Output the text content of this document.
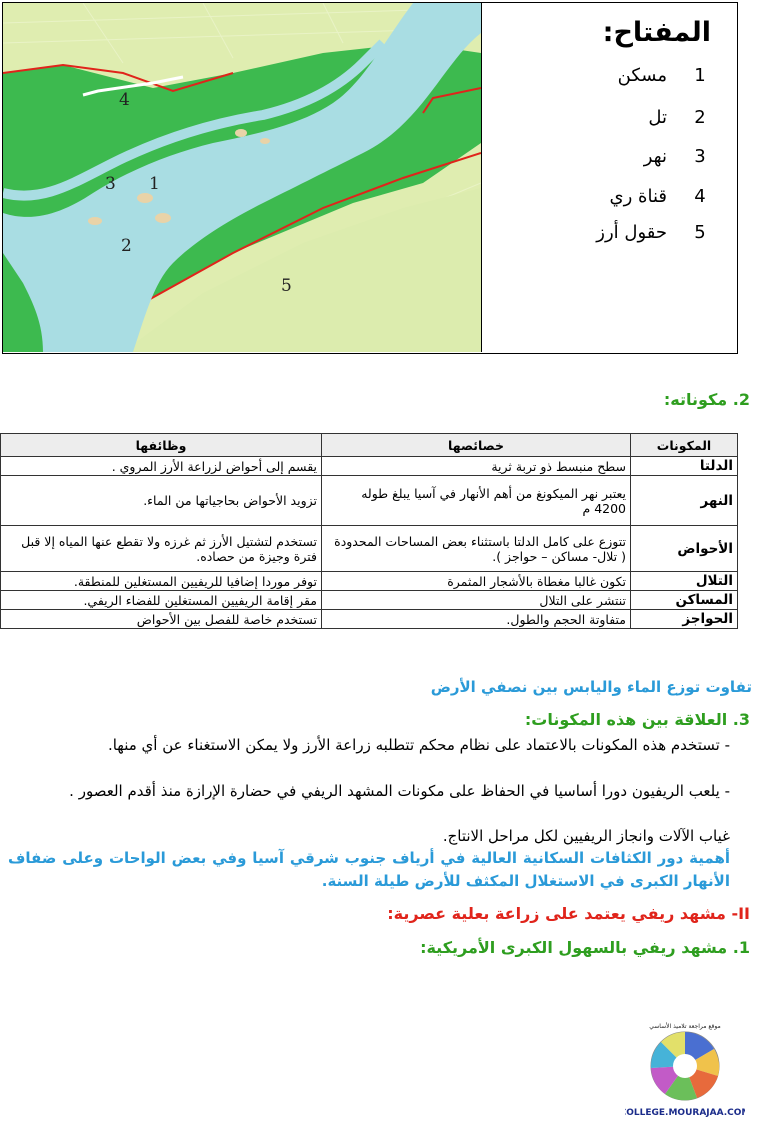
1
2
3
4
5
المفتاح:
1
مسكن
2
تل
3
نهر
4
قناة ري
5
حقول أرز
2. مكوناته:
المكونات	خصائصها	وظائفها
الدلتا	سطح منبسط ذو تربة ثرية	يقسم إلى أحواض لزراعة الأرز المروي .
النهر	يعتبر نهر الميكونغ من أهم الأنهار في آسيا يبلغ طوله 4200 م	تزويد الأحواض بحاجياتها من الماء.
الأحواض	تتوزع على كامل الدلتا باستثناء بعض المساحات المحدودة ( تلال- مساكن – حواجز ).	تستخدم لتشتيل الأرز ثم غرزه ولا تقطع عنها المياه إلا قبل فترة وجيزة من حصاده.
التلال	تكون غالبا مغطاة بالأشجار المثمرة	توفر موردا إضافيا للريفيين المستغلين للمنطقة.
المساكن	تنتشر على التلال	مقر إقامة الريفيين المستغلين للفضاء الريفي.
الحواجز	متفاوتة الحجم والطول.	تستخدم خاصة للفصل بين الأحواض
تفاوت توزع الماء واليابس بين نصفي الأرض
3. العلاقة بين هذه المكونات:
- تستخدم هذه المكونات بالاعتماد على نظام محكم تتطلبه زراعة الأرز ولا يمكن الاستغناء عن أي منها.
- يلعب الريفيون دورا أساسيا في الحفاظ على مكونات المشهد الريفي في حضارة الإرازة منذ أقدم العصور .
غياب الآلات وانجاز الريفيين لكل مراحل الانتاج.
أهمية دور الكثافات السكانية العالية في أرياف جنوب شرقي آسيا وفي بعض الواحات وعلى ضفاف الأنهار الكبرى في الاستغلال المكثف للأرض طيلة السنة.
II- مشهد ريفي يعتمد على زراعة بعلية عصرية:
1. مشهد ريفي بالسهول الكبرى الأمريكية:
موقع مراجعة تلاميذ الأساسي
COLLEGE.MOURAJAA.COM
